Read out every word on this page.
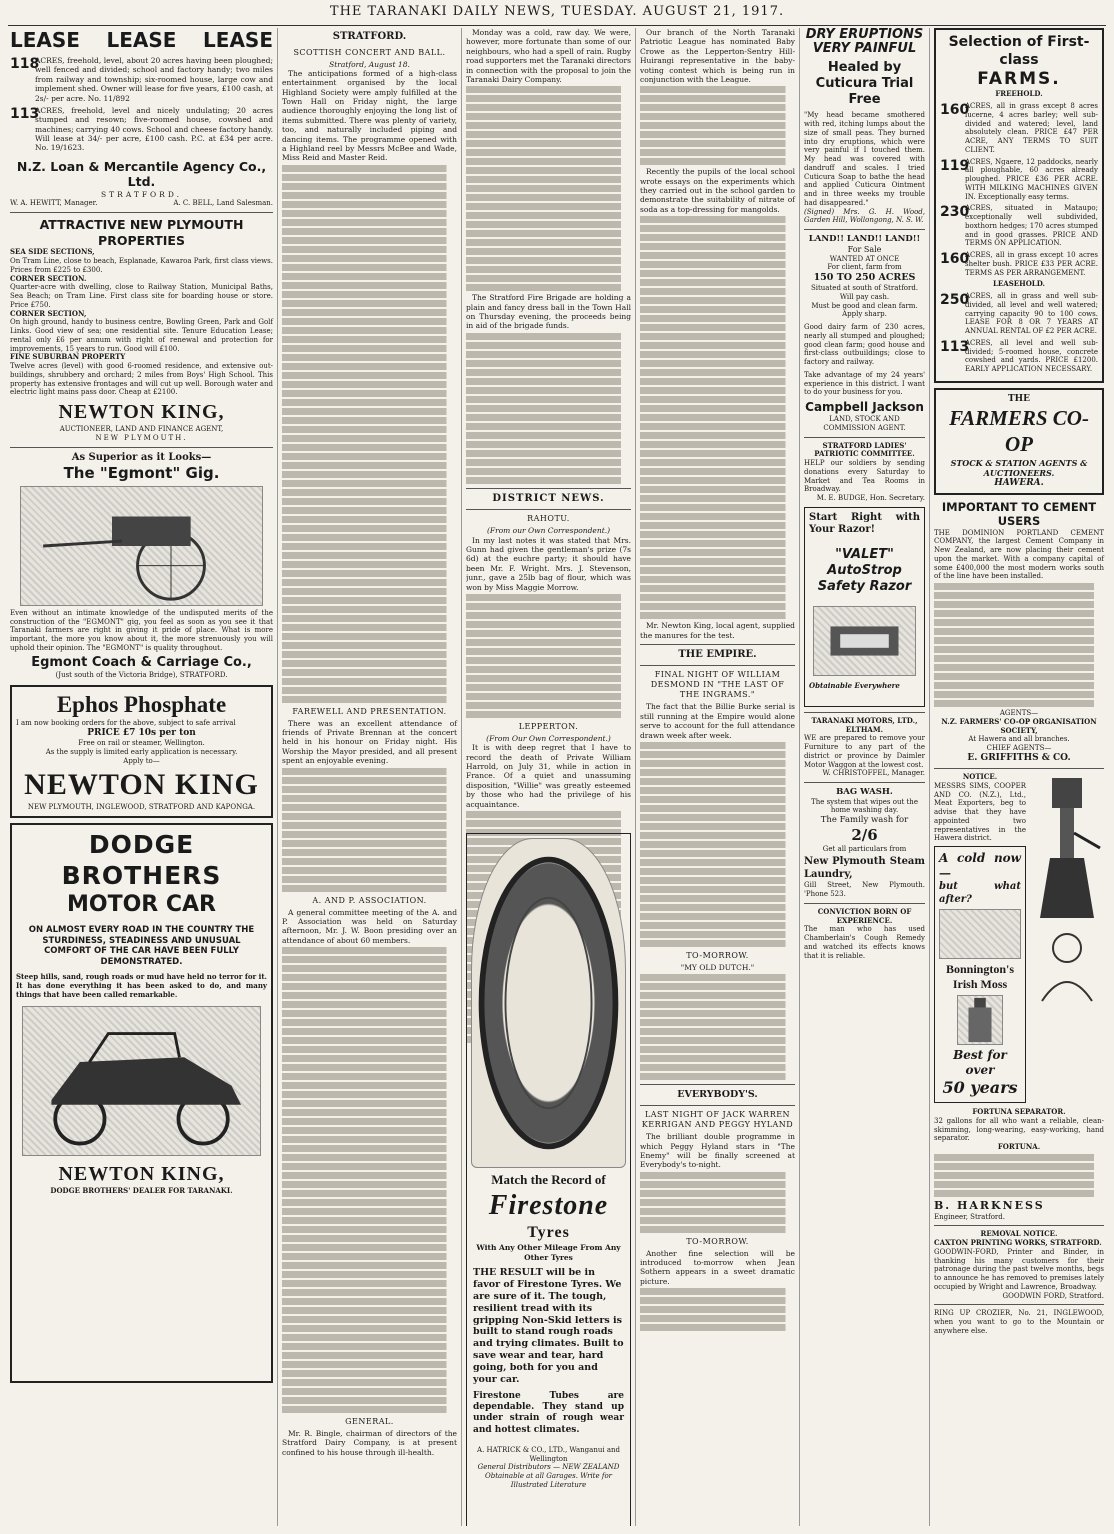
THE TARANAKI DAILY NEWS, TUESDAY. AUGUST 21, 1917.
LEASE LEASE LEASE
118
ACRES, freehold, level, about 20 acres having been ploughed; well fenced and divided; school and factory handy; two miles from railway and township; six-roomed house, large cow and implement shed. Owner will lease for five years, £100 cash, at 2s/- per acre. No. 11/892
113
ACRES, freehold, level and nicely undulating; 20 acres stumped and resown; five-roomed house, cowshed and machines; carrying 40 cows. School and cheese factory handy. Will lease at 34/- per acre, £100 cash. P.C. at £34 per acre. No. 19/1623.
N.Z. Loan & Mercantile Agency Co., Ltd.
STRATFORD.
W. A. HEWITT, Manager.	A. C. BELL, Land Salesman.
ATTRACTIVE NEW PLYMOUTH PROPERTIES
SEA SIDE SECTIONS,
On Tram Line, close to beach, Esplanade, Kawaroa Park, first class views. Prices from £225 to £300.
CORNER SECTION.
Quarter-acre with dwelling, close to Railway Station, Municipal Baths, Sea Beach; on Tram Line. First class site for boarding house or store. Price £750.
CORNER SECTION,
On high ground, handy to business centre, Bowling Green, Park and Golf Links. Good view of sea; one residential site. Tenure Education Lease; rental only £6 per annum with right of renewal and protection for improvements, 15 years to run. Good will £100.
FINE SUBURBAN PROPERTY
Twelve acres (level) with good 6-roomed residence, and extensive out-buildings, shrubbery and orchard; 2 miles from Boys' High School. This property has extensive frontages and will cut up well. Borough water and electric light mains pass door. Cheap at £2100.
NEWTON KING,
AUCTIONEER, LAND AND FINANCE AGENT,
NEW PLYMOUTH.
As Superior as it Looks—
The "Egmont" Gig.
Even without an intimate knowledge of the undisputed merits of the construction of the "EGMONT" gig, you feel as soon as you see it that Taranaki farmers are right in giving it pride of place. What is more important, the more you know about it, the more strenuously you will uphold their opinion. The "EGMONT" is quality throughout.
Egmont Coach & Carriage Co.,
(Just south of the Victoria Bridge), STRATFORD.
Ephos Phosphate
I am now booking orders for the above, subject to safe arrival
PRICE £7 10s per ton
Free on rail or steamer, Wellington.
As the supply is limited early application is necessary.
Apply to—
NEWTON KING
NEW PLYMOUTH, INGLEWOOD, STRATFORD AND KAPONGA.
DODGE BROTHERS
MOTOR CAR
ON ALMOST EVERY ROAD IN THE COUNTRY THE STURDINESS, STEADINESS AND UNUSUAL COMFORT OF THE CAR HAVE BEEN FULLY DEMONSTRATED.
Steep hills, sand, rough roads or mud have held no terror for it. It has done everything it has been asked to do, and many things that have been called remarkable.
NEWTON KING,
DODGE BROTHERS' DEALER FOR TARANAKI.
STRATFORD.
SCOTTISH CONCERT AND BALL.
Stratford, August 18.

The anticipations formed of a high-class entertainment organised by the local Highland Society were amply fulfilled at the Town Hall on Friday night, the large audience thoroughly enjoying the long list of items submitted. There was plenty of variety, too, and naturally included piping and dancing items. The programme opened with a Highland reel by Messrs McBee and Wade, Miss Reid and Master Reid.

FAREWELL AND PRESENTATION.

There was an excellent attendance of friends of Private Brennan at the concert held in his honour on Friday night. His Worship the Mayor presided, and all present spent an enjoyable evening.

A. AND P. ASSOCIATION.

A general committee meeting of the A. and P. Association was held on Saturday afternoon, Mr. J. W. Boon presiding over an attendance of about 60 members.

GENERAL.

Mr. R. Bingle, chairman of directors of the Stratford Dairy Company, is at present confined to his house through ill-health.

Monday was a cold, raw day. We were, however, more fortunate than some of our neighbours, who had a spell of rain. Rugby road supporters met the Taranaki directors in connection with the proposal to join the Taranaki Dairy Company.

The Stratford Fire Brigade are holding a plain and fancy dress ball in the Town Hall on Thursday evening, the proceeds being in aid of the brigade funds.

DISTRICT NEWS.
RAHOTU.
(From our Own Correspondent.)

In my last notes it was stated that Mrs. Gunn had given the gentleman's prize (7s 6d) at the euchre party; it should have been Mr. F. Wright. Mrs. J. Stevenson, junr., gave a 25lb bag of flour, which was won by Miss Maggie Morrow.

LEPPERTON.
(From Our Own Correspondent.)

It is with deep regret that I have to record the death of Private William Harrold, on July 31, while in action in France. Of a quiet and unassuming disposition, "Willie" was greatly esteemed by those who had the privilege of his acquaintance.

Match the Record of
Firestone
Tyres
With Any Other Mileage From Any Other Tyres
THE RESULT will be in favor of Firestone Tyres. We are sure of it. The tough, resilient tread with its gripping Non-Skid letters is built to stand rough roads and trying climates. Built to save wear and tear, hard going, both for you and your car.
Firestone Tubes are dependable. They stand up under strain of rough wear and hottest climates.
A. HATRICK & CO., LTD., Wanganui and Wellington
General Distributors — NEW ZEALAND
Obtainable at all Garages. Write for Illustrated Literature

Our branch of the North Taranaki Patriotic League has nominated Baby Crowe as the Lepperton-Sentry Hill-Huirangi representative in the baby-voting contest which is being run in conjunction with the League.

Recently the pupils of the local school wrote essays on the experiments which they carried out in the school garden to demonstrate the suitability of nitrate of soda as a top-dressing for mangolds.

Mr. Newton King, local agent, supplied the manures for the test.

THE EMPIRE.
FINAL NIGHT OF WILLIAM DESMOND IN "THE LAST OF THE INGRAMS."

The fact that the Billie Burke serial is still running at the Empire would alone serve to account for the full attendance drawn week after week.

TO-MORROW.
"MY OLD DUTCH."
EVERYBODY'S.
LAST NIGHT OF JACK WARREN KERRIGAN AND PEGGY HYLAND

The brilliant double programme in which Peggy Hyland stars in "The Enemy" will be finally screened at Everybody's to-night.

TO-MORROW.

Another fine selection will be introduced to-morrow when Jean Sothern appears in a sweet dramatic picture.

DRY ERUPTIONS VERY PAINFUL
Healed by Cuticura Trial Free
"My head became smothered with red, itching lumps about the size of small peas. They burned into dry eruptions, which were very painful if I touched them. My head was covered with dandruff and scales. I tried Cuticura Soap to bathe the head and applied Cuticura Ointment and in three weeks my trouble had disappeared."
(Signed) Mrs. G. H. Wood, Garden Hill, Wollongong, N. S. W.
LAND!! LAND!! LAND!!
For Sale
WANTED AT ONCE
For client, farm from
150 TO 250 ACRES
Situated at south of Stratford.
Will pay cash.
Must be good and clean farm. Apply sharp.
Good dairy farm of 230 acres, nearly all stumped and ploughed; good clean farm; good house and first-class outbuildings; close to factory and railway.
Take advantage of my 24 years' experience in this district. I want to do your business for you.
Campbell Jackson
LAND, STOCK AND COMMISSION AGENT.
STRATFORD LADIES' PATRIOTIC COMMITTEE.
HELP our soldiers by sending donations every Saturday to Market and Tea Rooms in Broadway.
M. E. BUDGE, Hon. Secretary.
Start Right with Your Razor!
"VALET" AutoStrop Safety Razor
Obtainable Everywhere
TARANAKI MOTORS, LTD., ELTHAM.
WE are prepared to remove your Furniture to any part of the district or province by Daimler Motor Waggon at the lowest cost.
W. CHRISTOFFEL, Manager.
BAG WASH.
The system that wipes out the home washing day.
The Family wash for
2/6
Get all particulars from
New Plymouth Steam Laundry,
Gill Street, New Plymouth. 'Phone 523.
CONVICTION BORN OF EXPERIENCE.
The man who has used Chamberlain's Cough Remedy and watched its effects knows that it is reliable.
Selection of First-class
FARMS.
FREEHOLD.
160
ACRES, all in grass except 8 acres lucerne, 4 acres barley; well sub-divided and watered; level, land absolutely clean. PRICE £47 PER ACRE, ANY TERMS TO SUIT CLIENT.
119
ACRES, Ngaere, 12 paddocks, nearly all ploughable, 60 acres already ploughed. PRICE £36 PER ACRE. WITH MILKING MACHINES GIVEN IN. Exceptionally easy terms.
230
ACRES, situated in Mataupo; exceptionally well subdivided, boxthorn hedges; 170 acres stumped and in good grasses. PRICE AND TERMS ON APPLICATION.
160
ACRES, all in grass except 10 acres shelter bush. PRICE £33 PER ACRE. TERMS AS PER ARRANGEMENT.
LEASEHOLD.
250
ACRES, all in grass and well sub-divided, all level and well watered; carrying capacity 90 to 100 cows. LEASE FOR 8 OR 7 YEARS AT ANNUAL RENTAL OF £2 PER ACRE.
113
ACRES, all level and well sub-divided; 5-roomed house, concrete cowshed and yards. PRICE £1200. EARLY APPLICATION NECESSARY.
THE
FARMERS CO-OP
STOCK & STATION AGENTS & AUCTIONEERS.
HAWERA.
IMPORTANT TO CEMENT USERS
THE DOMINION PORTLAND CEMENT COMPANY, the largest Cement Company in New Zealand, are now placing their cement upon the market. With a company capital of some £400,000 the most modern works south of the line have been installed.
AGENTS—
N.Z. FARMERS' CO-OP ORGANISATION SOCIETY,
At Hawera and all branches.
CHIEF AGENTS—
E. GRIFFITHS & CO.
NOTICE.
MESSRS SIMS, COOPER AND CO. (N.Z.), Ltd., Meat Exporters, beg to advise that they have appointed two representatives in the Hawera district.
A cold now—
but what after?
Bonnington's Irish Moss
Best for over
50 years
FORTUNA SEPARATOR.
32 gallons for all who want a reliable, clean-skimming, long-wearing, easy-working, hand separator.
FORTUNA.
B. HARKNESS
Engineer, Stratford.
REMOVAL NOTICE.
CAXTON PRINTING WORKS, STRATFORD.
GOODWIN-FORD, Printer and Binder, in thanking his many customers for their patronage during the past twelve months, begs to announce he has removed to premises lately occupied by Wright and Lawrence, Broadway.
GOODWIN FORD, Stratford.
RING UP CROZIER, No. 21, INGLEWOOD, when you want to go to the Mountain or anywhere else.
